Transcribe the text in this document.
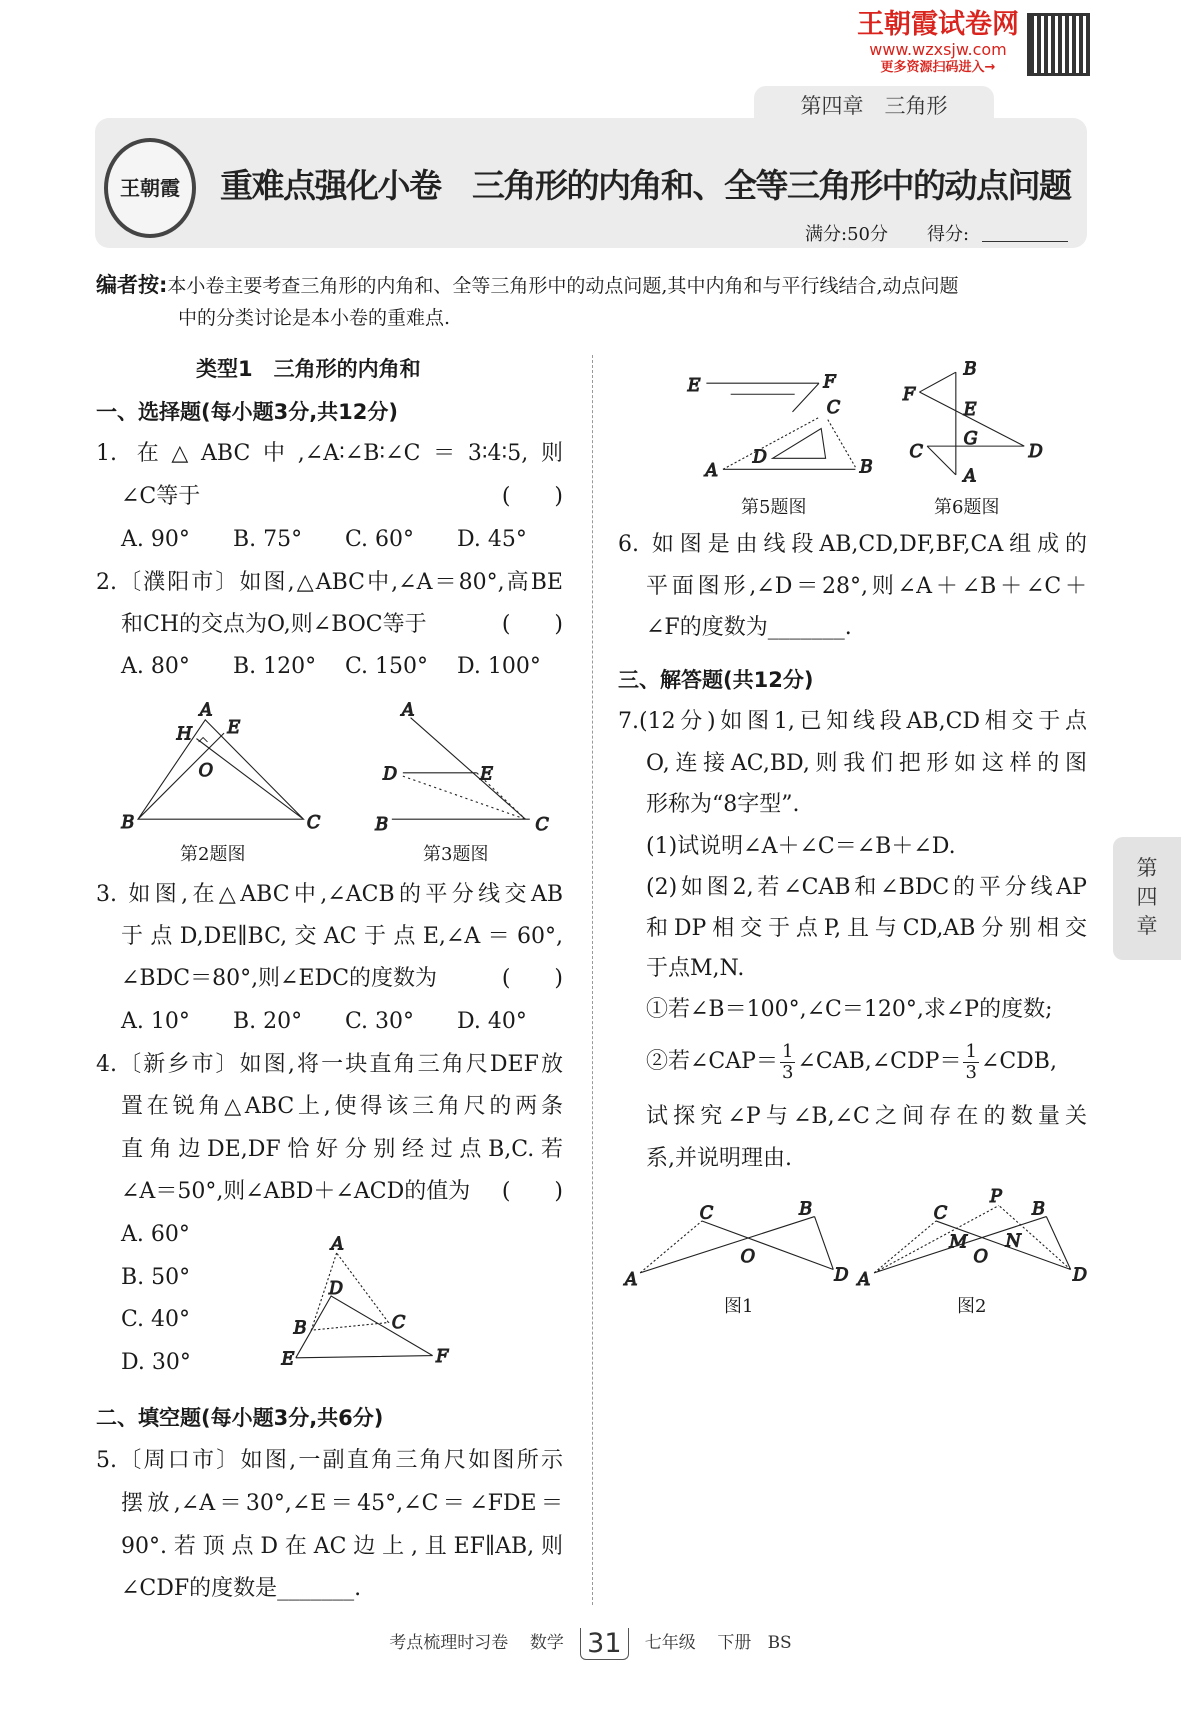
王朝霞试卷网
www.wzxsjw.com
更多资源扫码进入→
第四章　三角形
王朝霞	重难点强化小卷　三角形的内角和、全等三角形中的动点问题
满分:50分 得分:
编者按:本小卷主要考查三角形的内角和、全等三角形中的动点问题,其中内角和与平行线结合,动点问题
中的分类讨论是本小卷的重难点.
类型1　三角形的内角和
一、选择题(每小题3分,共12分)
1. 在△ABC中,∠A∶∠B∶∠C＝3∶4∶5,则
∠C等于	(　　)
A. 90° B. 75° C. 60° D. 45°
2.〔濮阳市〕如图,△ABC中,∠A＝80°,高BE
和CH的交点为O,则∠BOC等于	(　　)
A. 80° B. 120° C. 150° D. 100°
第2题图	第3题图
3. 如图,在△ABC中,∠ACB的平分线交AB
于点D,DE∥BC,交AC于点E,∠A＝60°,
∠BDC＝80°,则∠EDC的度数为	(　　)
A. 10° B. 20° C. 30° D. 40°
4.〔新乡市〕如图,将一块直角三角尺DEF放
置在锐角△ABC上,使得该三角尺的两条
直角边DE,DF恰好分别经过点B,C.若
∠A＝50°,则∠ABD＋∠ACD的值为 (　　)
A. 60°
B. 50°
C. 40°
D. 30°
二、填空题(每小题3分,共6分)
5.〔周口市〕如图,一副直角三角尺如图所示
摆放,∠A＝30°,∠E＝45°,∠C＝∠FDE＝
90°.若顶点D在AC边上,且EF∥AB,则
∠CDF的度数是_______.
第5题图	第6题图
6. 如图是由线段AB,CD,DF,BF,CA组成的
平面图形,∠D＝28°,则∠A＋∠B＋∠C＋
∠F的度数为_______.
三、解答题(共12分)
7.(12分)如图1,已知线段AB,CD相交于点
O,连接AC,BD,则我们把形如这样的图
形称为“8字型”.
(1)试说明∠A＋∠C＝∠B＋∠D.
(2)如图2,若∠CAB和∠BDC的平分线AP
和DP相交于点P,且与CD,AB分别相交
于点M,N.
①若∠B＝100°,∠C＝120°,求∠P的度数;
②若∠CAP＝ $\frac{1}{3}$ ∠CAB,∠CDP＝ $\frac{1}{3}$ ∠CDB,
试探究∠P与∠B,∠C之间存在的数量关
系,并说明理由.
图1	图2
A
H E
O
B	C
A
D	E
B	C
A
D
B	C
E	F
E	F
C
D
A	B
B
F
E
G
C	D
A
C	B
O
A	D
C
P
B
M
O
N
A	D
第
四
章
考点梳理时习卷 数学 31 七年级 下册 BS
